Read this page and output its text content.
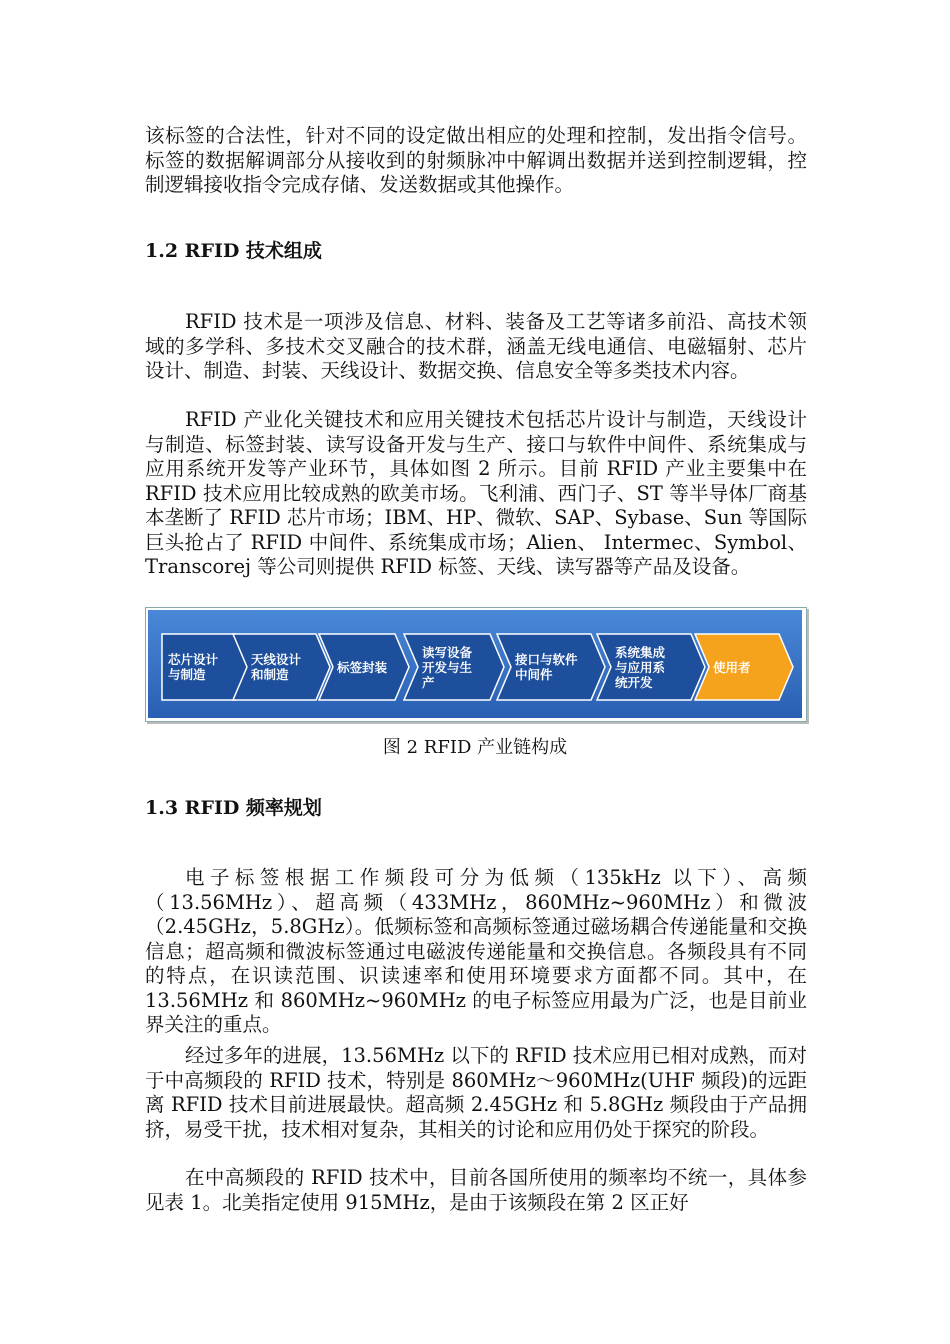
该标签的合法性，针对不同的设定做出相应的处理和控制，发出指令信号。标签的数据解调部分从接收到的射频脉冲中解调出数据并送到控制逻辑，控制逻辑接收指令完成存储、发送数据或其他操作。

1.2 RFID 技术组成

RFID 技术是一项涉及信息、材料、装备及工艺等诸多前沿、高技术领域的多学科、多技术交叉融合的技术群，涵盖无线电通信、电磁辐射、芯片设计、制造、封装、天线设计、数据交换、信息安全等多类技术内容。

RFID 产业化关键技术和应用关键技术包括芯片设计与制造，天线设计与制造、标签封装、读写设备开发与生产、接口与软件中间件、系统集成与应用系统开发等产业环节，具体如图 2 所示。目前 RFID 产业主要集中在 RFID 技术应用比较成熟的欧美市场。飞利浦、西门子、ST 等半导体厂商基本垄断了 RFID 芯片市场；IBM、HP、微软、SAP、Sybase、Sun 等国际巨头抢占了 RFID 中间件、系统集成市场；Alien、 Intermec、Symbol、Transcorej 等公司则提供 RFID 标签、天线、读写器等产品及设备。

芯片设计
与制造
天线设计
和制造	标签封装
读写设备
开发与生
产
接口与软件
中间件
系统集成
与应用系
统开发
使用者
图 2 RFID 产业链构成
1.3 RFID 频率规划

电子标签根据工作频段可分为低频（135kHz 以下）、高频（13.56MHz）、超高频（433MHz，860MHz~960MHz）和微波（2.45GHz，5.8GHz）。低频标签和高频标签通过磁场耦合传递能量和交换信息；超高频和微波标签通过电磁波传递能量和交换信息。各频段具有不同的特点，在识读范围、识读速率和使用环境要求方面都不同。其中，在 13.56MHz 和 860MHz~960MHz 的电子标签应用最为广泛，也是目前业界关注的重点。

经过多年的进展，13.56MHz 以下的 RFID 技术应用已相对成熟，而对于中高频段的 RFID 技术，特别是 860MHz～960MHz(UHF 频段)的远距离 RFID 技术目前进展最快。超高频 2.45GHz 和 5.8GHz 频段由于产品拥挤，易受干扰，技术相对复杂，其相关的讨论和应用仍处于探究的阶段。

在中高频段的 RFID 技术中，目前各国所使用的频率均不统一，具体参见表 1。北美指定使用 915MHz，是由于该频段在第 2 区正好
